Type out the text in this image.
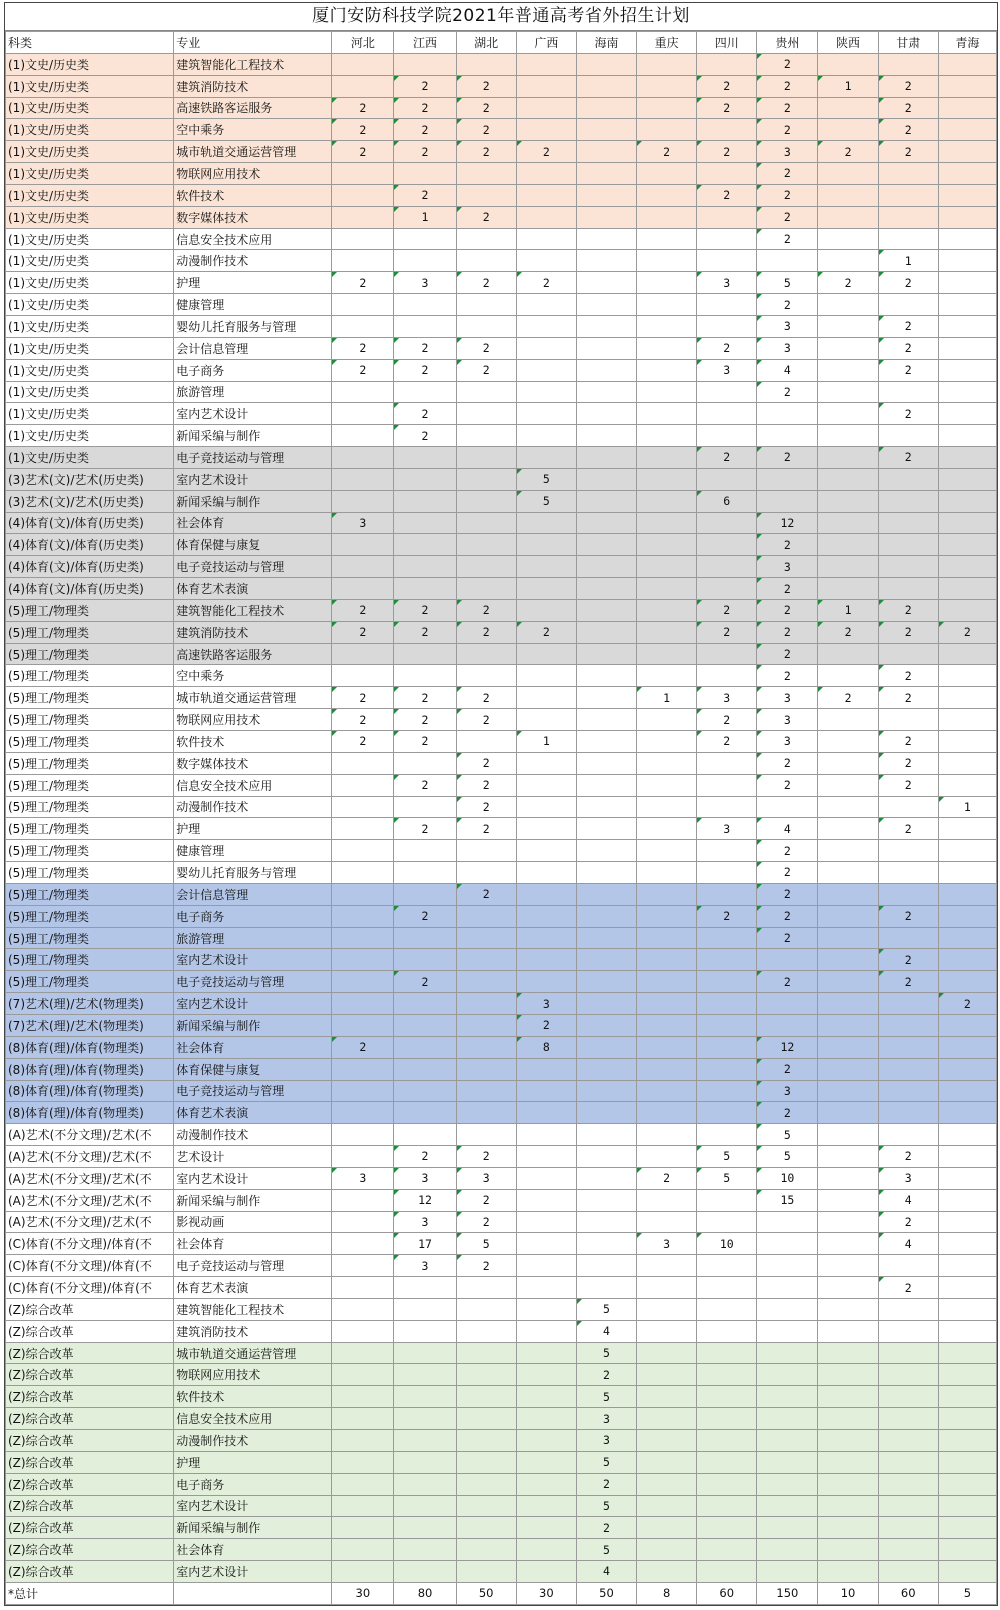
厦门安防科技学院2021年普通高考省外招生计划
科类	专业	河北	江西	湖北	广西	海南	重庆	四川	贵州	陕西	甘肃	青海
(1)文史/历史类	建筑智能化工程技术								2			
(1)文史/历史类	建筑消防技术		2	2				2	2	1	2	
(1)文史/历史类	高速铁路客运服务	2	2	2				2	2		2	
(1)文史/历史类	空中乘务	2	2	2					2		2	
(1)文史/历史类	城市轨道交通运营管理	2	2	2	2		2	2	3	2	2	
(1)文史/历史类	物联网应用技术								2			
(1)文史/历史类	软件技术		2					2	2			
(1)文史/历史类	数字媒体技术		1	2					2			
(1)文史/历史类	信息安全技术应用								2			
(1)文史/历史类	动漫制作技术										1	
(1)文史/历史类	护理	2	3	2	2			3	5	2	2	
(1)文史/历史类	健康管理								2			
(1)文史/历史类	婴幼儿托育服务与管理								3		2	
(1)文史/历史类	会计信息管理	2	2	2				2	3		2	
(1)文史/历史类	电子商务	2	2	2				3	4		2	
(1)文史/历史类	旅游管理								2			
(1)文史/历史类	室内艺术设计		2								2	
(1)文史/历史类	新闻采编与制作		2									
(1)文史/历史类	电子竞技运动与管理							2	2		2	
(3)艺术(文)/艺术(历史类)	室内艺术设计				5							
(3)艺术(文)/艺术(历史类)	新闻采编与制作				5			6				
(4)体育(文)/体育(历史类)	社会体育	3							12			
(4)体育(文)/体育(历史类)	体育保健与康复								2			
(4)体育(文)/体育(历史类)	电子竞技运动与管理								3			
(4)体育(文)/体育(历史类)	体育艺术表演								2			
(5)理工/物理类	建筑智能化工程技术	2	2	2				2	2	1	2	
(5)理工/物理类	建筑消防技术	2	2	2	2			2	2	2	2	2
(5)理工/物理类	高速铁路客运服务								2			
(5)理工/物理类	空中乘务								2		2	
(5)理工/物理类	城市轨道交通运营管理	2	2	2			1	3	3	2	2	
(5)理工/物理类	物联网应用技术	2	2	2				2	3			
(5)理工/物理类	软件技术	2	2		1			2	3		2	
(5)理工/物理类	数字媒体技术			2					2		2	
(5)理工/物理类	信息安全技术应用		2	2					2		2	
(5)理工/物理类	动漫制作技术			2								1
(5)理工/物理类	护理		2	2				3	4		2	
(5)理工/物理类	健康管理								2			
(5)理工/物理类	婴幼儿托育服务与管理								2			
(5)理工/物理类	会计信息管理			2					2			
(5)理工/物理类	电子商务		2					2	2		2	
(5)理工/物理类	旅游管理								2			
(5)理工/物理类	室内艺术设计										2	
(5)理工/物理类	电子竞技运动与管理		2						2		2	
(7)艺术(理)/艺术(物理类)	室内艺术设计				3							2
(7)艺术(理)/艺术(物理类)	新闻采编与制作				2							
(8)体育(理)/体育(物理类)	社会体育	2			8				12			
(8)体育(理)/体育(物理类)	体育保健与康复								2			
(8)体育(理)/体育(物理类)	电子竞技运动与管理								3			
(8)体育(理)/体育(物理类)	体育艺术表演								2			
(A)艺术(不分文理)/艺术(不	动漫制作技术								5			
(A)艺术(不分文理)/艺术(不	艺术设计		2	2				5	5		2	
(A)艺术(不分文理)/艺术(不	室内艺术设计	3	3	3			2	5	10		3	
(A)艺术(不分文理)/艺术(不	新闻采编与制作		12	2					15		4	
(A)艺术(不分文理)/艺术(不	影视动画		3	2							2	
(C)体育(不分文理)/体育(不	社会体育		17	5			3	10			4	
(C)体育(不分文理)/体育(不	电子竞技运动与管理		3	2								
(C)体育(不分文理)/体育(不	体育艺术表演										2	
(Z)综合改革	建筑智能化工程技术					5						
(Z)综合改革	建筑消防技术					4						
(Z)综合改革	城市轨道交通运营管理					5						
(Z)综合改革	物联网应用技术					2						
(Z)综合改革	软件技术					5						
(Z)综合改革	信息安全技术应用					3						
(Z)综合改革	动漫制作技术					3						
(Z)综合改革	护理					5						
(Z)综合改革	电子商务					2						
(Z)综合改革	室内艺术设计					5						
(Z)综合改革	新闻采编与制作					2						
(Z)综合改革	社会体育					5						
(Z)综合改革	室内艺术设计					4						
*总计		30	80	50	30	50	8	60	150	10	60	5
